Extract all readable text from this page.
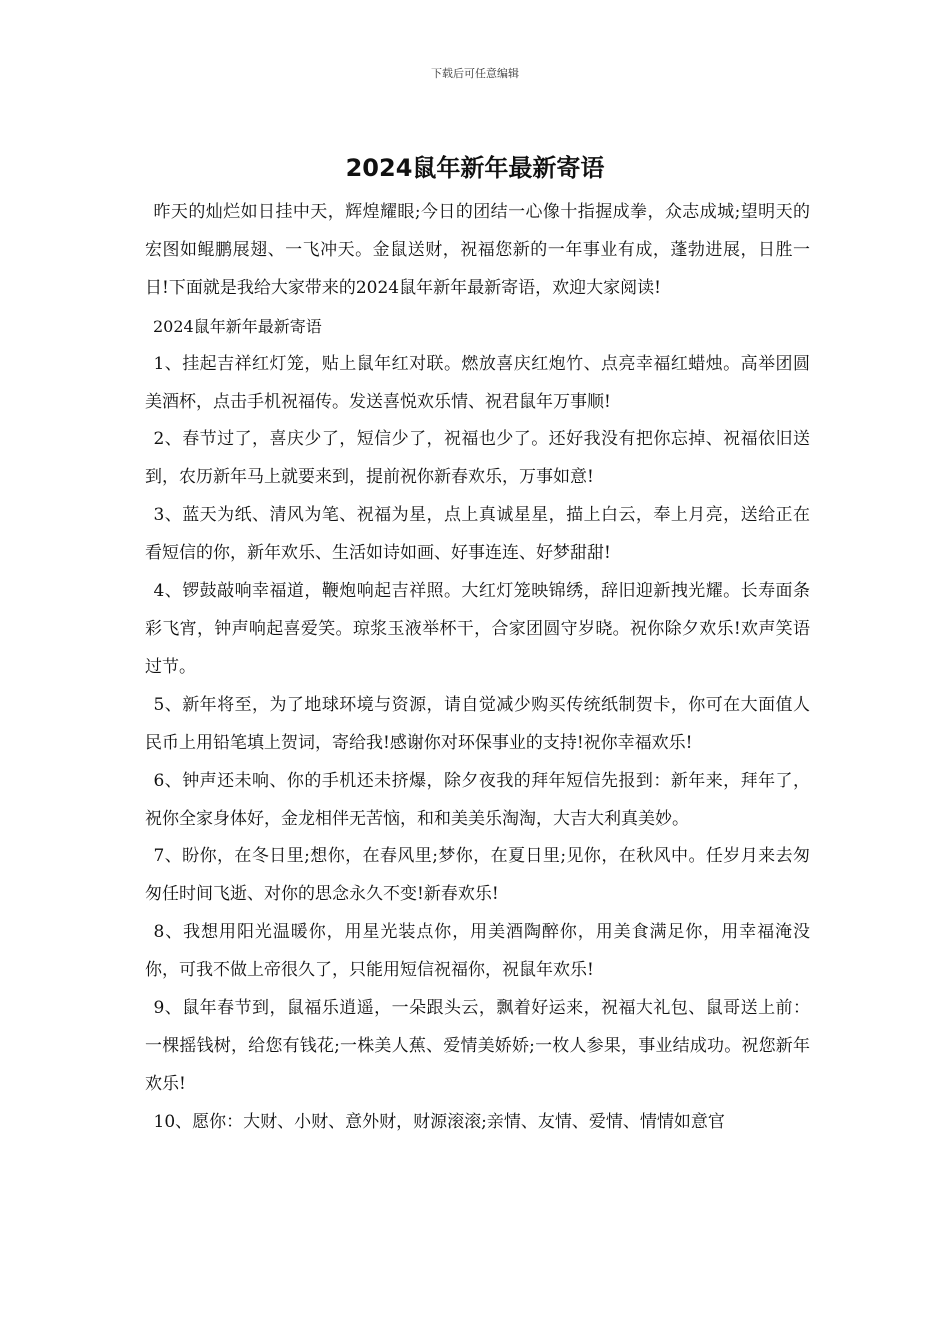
下载后可任意编辑
2024鼠年新年最新寄语

昨天的灿烂如日挂中天，辉煌耀眼;今日的团结一心像十指握成拳，众志成城;望明天的宏图如鲲鹏展翅、一飞冲天。金鼠送财，祝福您新的一年事业有成，蓬勃进展，日胜一日!下面就是我给大家带来的2024鼠年新年最新寄语，欢迎大家阅读!

2024鼠年新年最新寄语

1、挂起吉祥红灯笼，贴上鼠年红对联。燃放喜庆红炮竹、点亮幸福红蜡烛。高举团圆美酒杯，点击手机祝福传。发送喜悦欢乐情、祝君鼠年万事顺!

2、春节过了，喜庆少了，短信少了，祝福也少了。还好我没有把你忘掉、祝福依旧送到，农历新年马上就要来到，提前祝你新春欢乐，万事如意!

3、蓝天为纸、清风为笔、祝福为星，点上真诚星星，描上白云，奉上月亮，送给正在看短信的你，新年欢乐、生活如诗如画、好事连连、好梦甜甜!

4、锣鼓敲响幸福道，鞭炮响起吉祥照。大红灯笼映锦绣，辞旧迎新拽光耀。长寿面条彩飞宵，钟声响起喜爱笑。琼浆玉液举杯干，合家团圆守岁晓。祝你除夕欢乐!欢声笑语过节。

5、新年将至，为了地球环境与资源，请自觉减少购买传统纸制贺卡，你可在大面值人民币上用铅笔填上贺词，寄给我!感谢你对环保事业的支持!祝你幸福欢乐!

6、钟声还未响、你的手机还未挤爆，除夕夜我的拜年短信先报到：新年来，拜年了，祝你全家身体好，金龙相伴无苦恼，和和美美乐淘淘，大吉大利真美妙。

7、盼你，在冬日里;想你，在春风里;梦你，在夏日里;见你，在秋风中。任岁月来去匆匆任时间飞逝、对你的思念永久不变!新春欢乐!

8、我想用阳光温暖你，用星光装点你，用美酒陶醉你，用美食满足你，用幸福淹没你，可我不做上帝很久了，只能用短信祝福你，祝鼠年欢乐!

9、鼠年春节到，鼠福乐逍遥，一朵跟头云，飘着好运来，祝福大礼包、鼠哥送上前：一棵摇钱树，给您有钱花;一株美人蕉、爱情美娇娇;一枚人参果，事业结成功。祝您新年欢乐!

10、愿你：大财、小财、意外财，财源滚滚;亲情、友情、爱情、情情如意官
